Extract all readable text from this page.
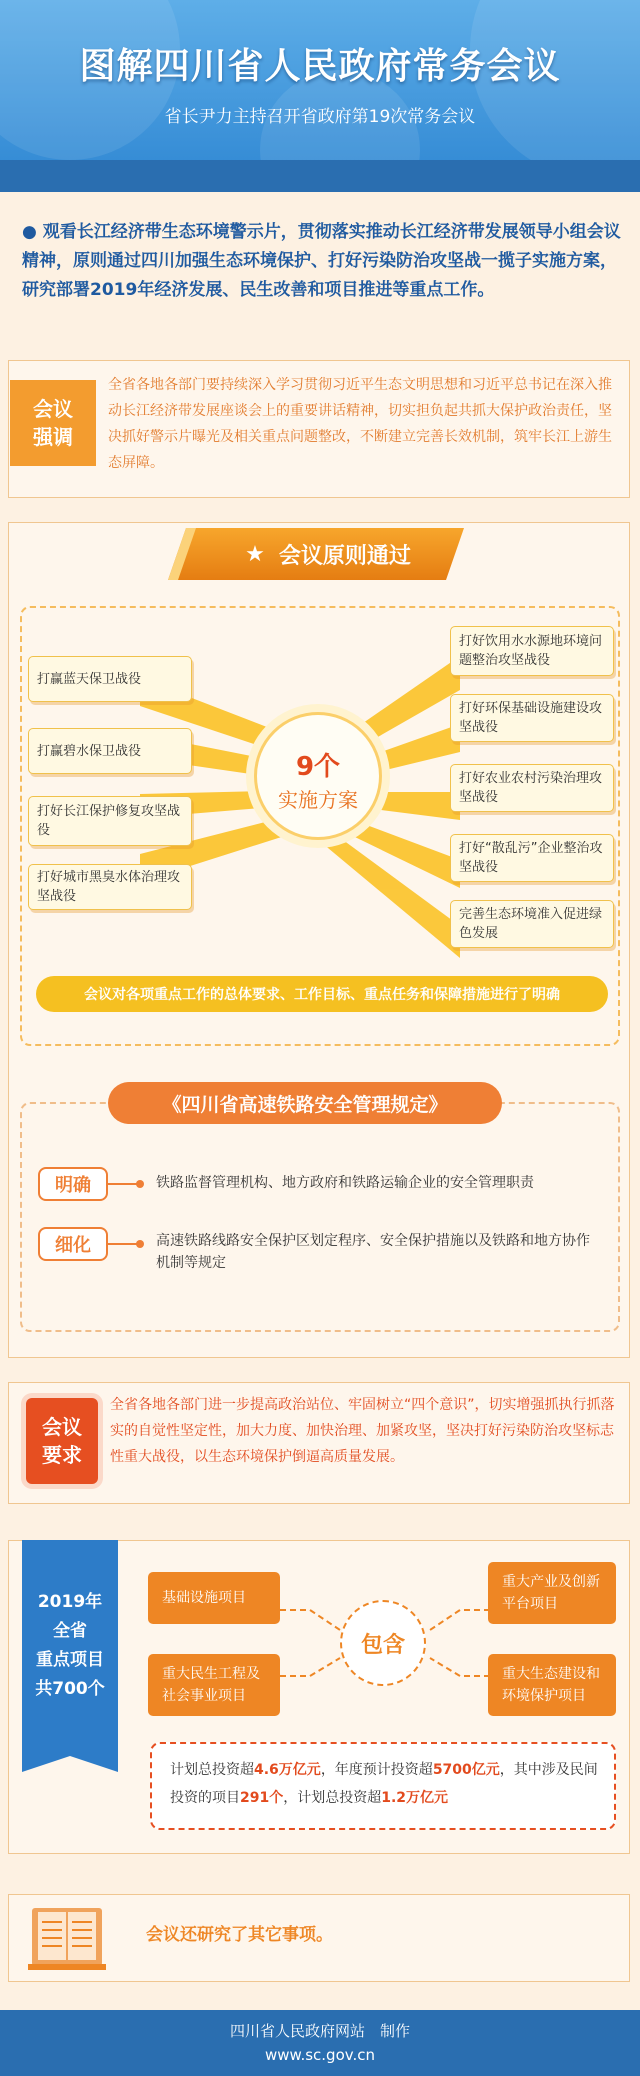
图解四川省人民政府常务会议
省长尹力主持召开省政府第19次常务会议
● 观看长江经济带生态环境警示片，贯彻落实推动长江经济带发展领导小组会议精神，原则通过四川加强生态环境保护、打好污染防治攻坚战一揽子实施方案，研究部署2019年经济发展、民生改善和项目推进等重点工作。
会议
强调
全省各地各部门要持续深入学习贯彻习近平生态文明思想和习近平总书记在深入推动长江经济带发展座谈会上的重要讲话精神，切实担负起共抓大保护政治责任，坚决抓好警示片曝光及相关重点问题整改，不断建立完善长效机制，筑牢长江上游生态屏障。
★ 会议原则通过
打赢蓝天保卫战役
打赢碧水保卫战役
打好长江保护修复攻坚战役
打好城市黑臭水体治理攻坚战役
打好饮用水水源地环境问题整治攻坚战役
打好环保基础设施建设攻坚战役
打好农业农村污染治理攻坚战役
打好“散乱污”企业整治攻坚战役
完善生态环境准入促进绿色发展
9个
实施方案
会议对各项重点工作的总体要求、工作目标、重点任务和保障措施进行了明确
《四川省高速铁路安全管理规定》
明确	铁路监督管理机构、地方政府和铁路运输企业的安全管理职责
细化	高速铁路线路安全保护区划定程序、安全保护措施以及铁路和地方协作机制等规定
会议
要求
全省各地各部门进一步提高政治站位、牢固树立“四个意识”，切实增强抓执行抓落实的自觉性坚定性，加大力度、加快治理、加紧攻坚，坚决打好污染防治攻坚标志性重大战役，以生态环境保护倒逼高质量发展。
2019年
全省
重点项目
共700个
基础设施项目
重大产业及创新平台项目
重大民生工程及社会事业项目
重大生态建设和环境保护项目
包含
计划总投资超4.6万亿元，年度预计投资超5700亿元，其中涉及民间投资的项目291个，计划总投资超1.2万亿元
会议还研究了其它事项。
四川省人民政府网站　制作
www.sc.gov.cn
